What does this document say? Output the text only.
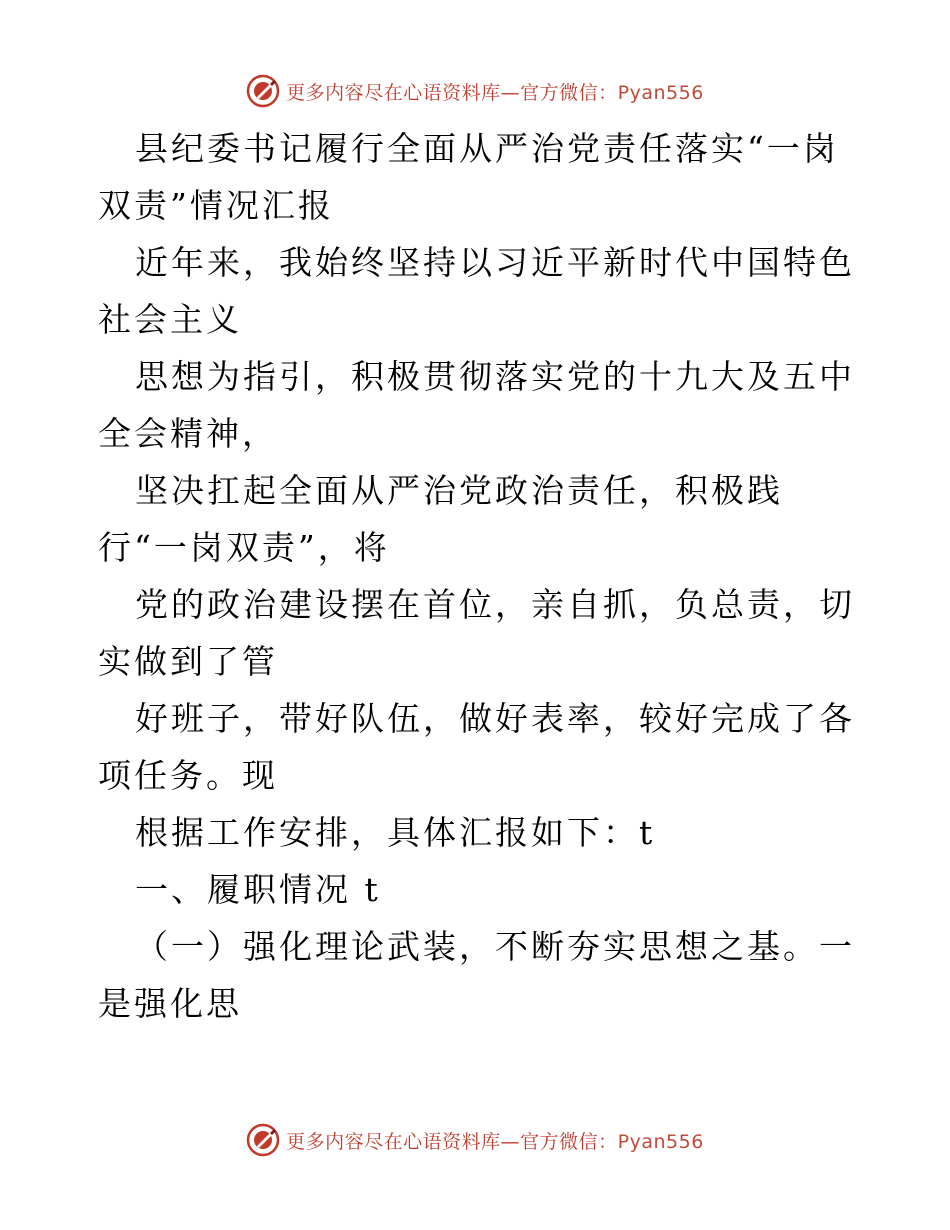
更多内容尽在心语资料库—官方微信：Pyan556

县纪委书记履行全面从严治党责任落实“一岗双责”情况汇报

近年来，我始终坚持以习近平新时代中国特色社会主义

思想为指引，积极贯彻落实党的十九大及五中全会精神，

坚决扛起全面从严治党政治责任，积极践行“一岗双责”，将

党的政治建设摆在首位，亲自抓，负总责，切实做到了管

好班子，带好队伍，做好表率，较好完成了各项任务。现

根据工作安排，具体汇报如下：t

一、履职情况 t

（一）强化理论武装，不断夯实思想之基。一是强化思

更多内容尽在心语资料库—官方微信：Pyan556
